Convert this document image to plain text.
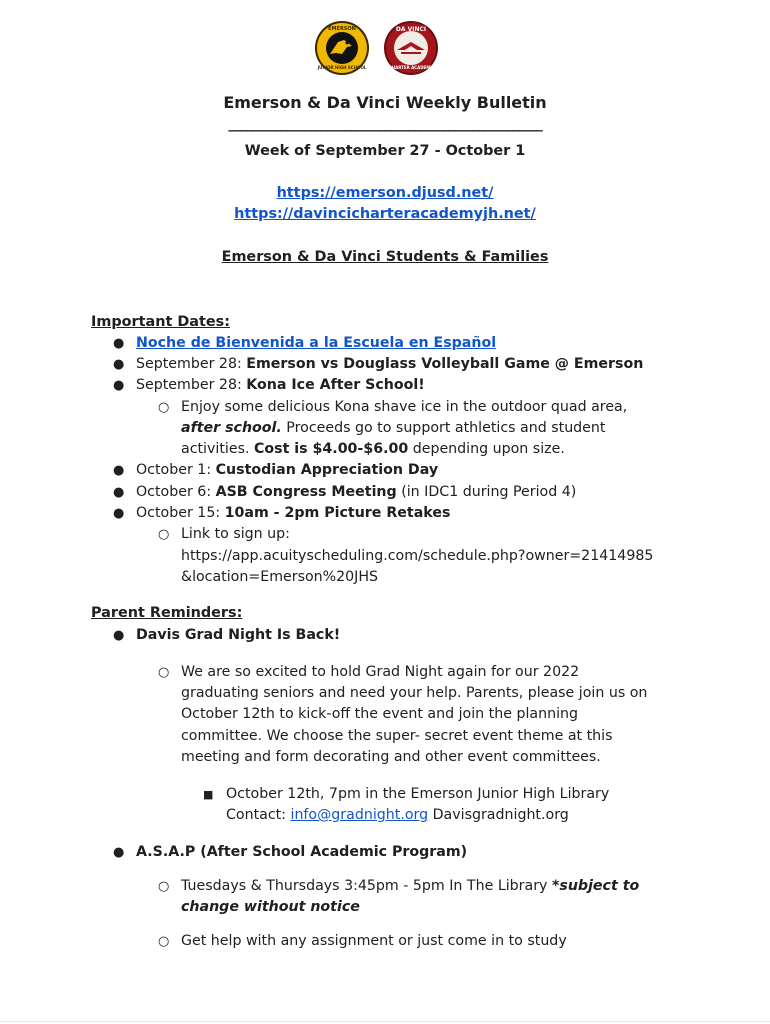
EMERSON
JUNIOR HIGH SCHOOL
DA VINCI
CHARTER ACADEMY
Emerson & Da Vinci Weekly Bulletin
______________________________________________________
Week of September 27 - October 1
https://emerson.djusd.net/
https://davincicharteracademyjh.net/
Emerson & Da Vinci Students & Families
Important Dates:
● Noche de Bienvenida a la Escuela en Español
● September 28: Emerson vs Douglass Volleyball Game @ Emerson
● September 28: Kona Ice After School!
○ Enjoy some delicious Kona shave ice in the outdoor quad area,
after school. Proceeds go to support athletics and student
activities. Cost is $4.00-$6.00 depending upon size.
● October 1: Custodian Appreciation Day
● October 6: ASB Congress Meeting (in IDC1 during Period 4)
● October 15: 10am - 2pm Picture Retakes
○ Link to sign up:
https://app.acuityscheduling.com/schedule.php?owner=21414985
&location=Emerson%20JHS
Parent Reminders:
● Davis Grad Night Is Back!
○ We are so excited to hold Grad Night again for our 2022
graduating seniors and need your help. Parents, please join us on
October 12th to kick-off the event and join the planning
committee. We choose the super- secret event theme at this
meeting and form decorating and other event committees.
■ October 12th, 7pm in the Emerson Junior High Library
Contact: info@gradnight.org Davisgradnight.org
● A.S.A.P (After School Academic Program)
○ Tuesdays & Thursdays 3:45pm - 5pm In The Library *subject to
change without notice
○ Get help with any assignment or just come in to study
